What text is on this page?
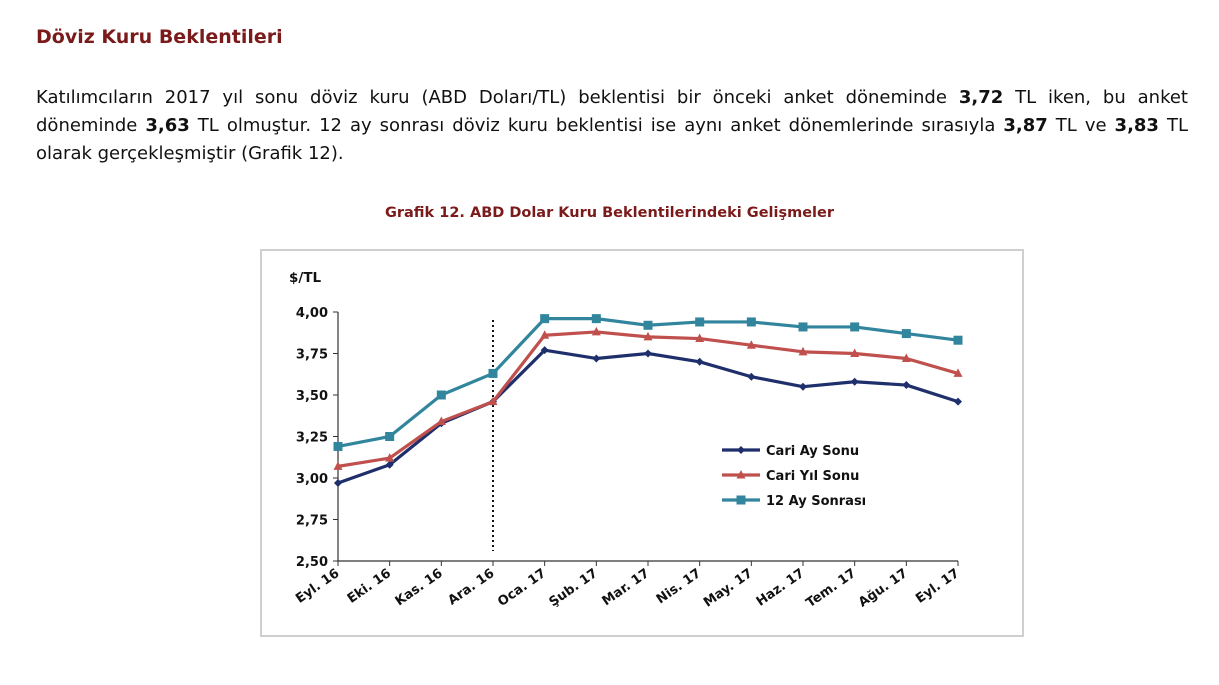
Döviz Kuru Beklentileri
Katılımcıların 2017 yıl sonu döviz kuru (ABD Doları/TL) beklentisi bir önceki anket döneminde 3,72 TL iken, bu anket döneminde 3,63 TL olmuştur. 12 ay sonrası döviz kuru beklentisi ise aynı anket dönemlerinde sırasıyla 3,87 TL ve 3,83 TL olarak gerçekleşmiştir (Grafik 12).
Grafik 12. ABD Dolar Kuru Beklentilerindeki Gelişmeler
$/TL
4,00
3,75
3,50
3,25
3,00
2,75
2,50
Eyl. 16 Eki. 16
Kas. 16 Ara. 16
Oca. 17
Şub. 17
Mar. 17 Nis. 17
May. 17
Haz. 17
Tem. 17
Ağu. 17 Eyl. 17
Cari Ay Sonu
Cari Yıl Sonu
12 Ay Sonrası
